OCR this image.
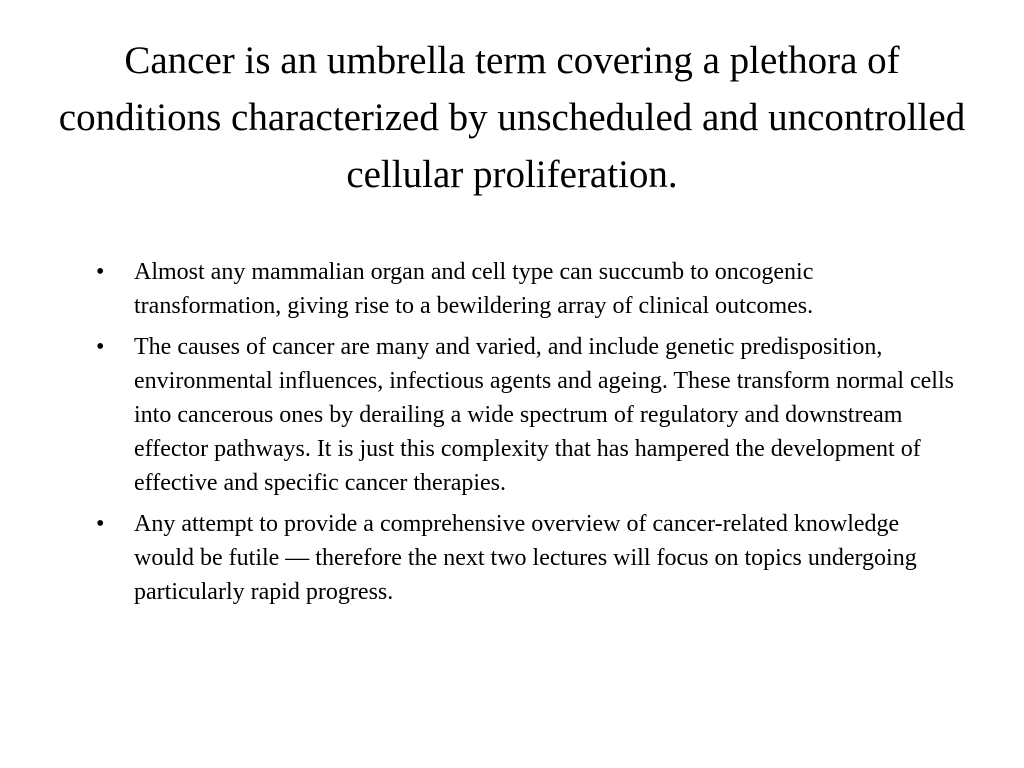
Cancer is an umbrella term covering a plethora of conditions characterized by unscheduled and uncontrolled cellular proliferation.
• Almost any mammalian organ and cell type can succumb to oncogenic transformation, giving rise to a bewildering array of clinical outcomes.
• The causes of cancer are many and varied, and include genetic predisposition, environmental influences, infectious agents and ageing. These transform normal cells into cancerous ones by derailing a wide spectrum of regulatory and downstream effector pathways. It is just this complexity that has hampered the development of effective and specific cancer therapies.
• Any attempt to provide a comprehensive overview of cancer-related knowledge would be futile — therefore the next two lectures will focus on topics undergoing particularly rapid progress.
